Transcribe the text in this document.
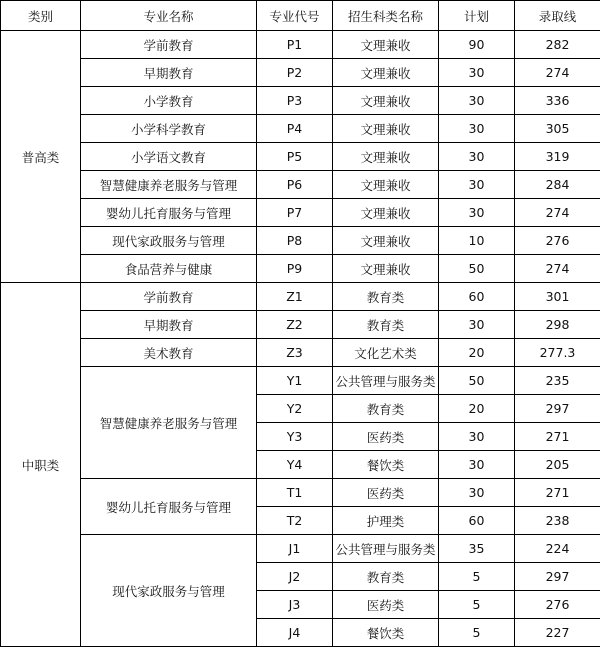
类别	专业名称	专业代号	招生科类名称	计划	录取线
普高类	学前教育	P1	文理兼收	90	282
	早期教育	P2	文理兼收	30	274
	小学教育	P3	文理兼收	30	336
	小学科学教育	P4	文理兼收	30	305
	小学语文教育	P5	文理兼收	30	319
	智慧健康养老服务与管理	P6	文理兼收	30	284
	婴幼儿托育服务与管理	P7	文理兼收	30	274
	现代家政服务与管理	P8	文理兼收	10	276
	食品营养与健康	P9	文理兼收	50	274
中职类	学前教育	Z1	教育类	60	301
	早期教育	Z2	教育类	30	298
	美术教育	Z3	文化艺术类	20	277.3
	智慧健康养老服务与管理	Y1	公共管理与服务类	50	235
		Y2	教育类	20	297
		Y3	医药类	30	271
		Y4	餐饮类	30	205
	婴幼儿托育服务与管理	T1	医药类	30	271
		T2	护理类	60	238
	现代家政服务与管理	J1	公共管理与服务类	35	224
		J2	教育类	5	297
		J3	医药类	5	276
		J4	餐饮类	5	227
